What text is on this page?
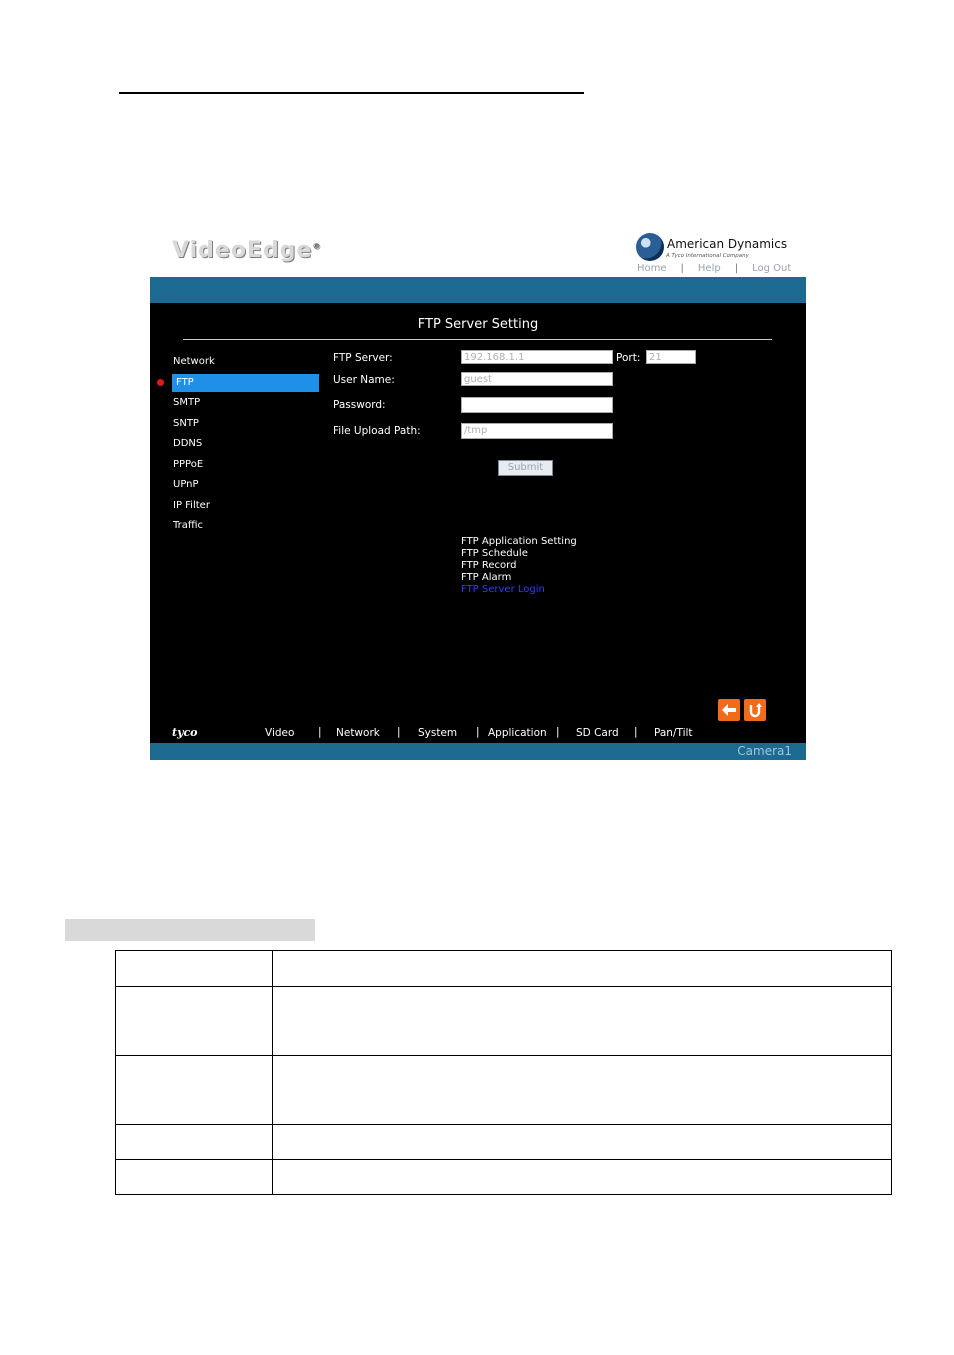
VideoEdge®	American Dynamics
A Tyco International Company
Home | Help | Log Out
FTP Server Setting
Network
FTP
SMTP
SNTP
DDNS
PPPoE
UPnP
IP Filter
Traffic
FTP Server:	192.168.1.1	Port: 21
User Name:	guest
Password:
File Upload Path:	/tmp
Submit
FTP Application Setting
FTP Schedule
FTP Record
FTP Alarm
FTP Server Login
tyco	Video | Network | System | Application | SD Card | Pan/Tilt
Camera1
